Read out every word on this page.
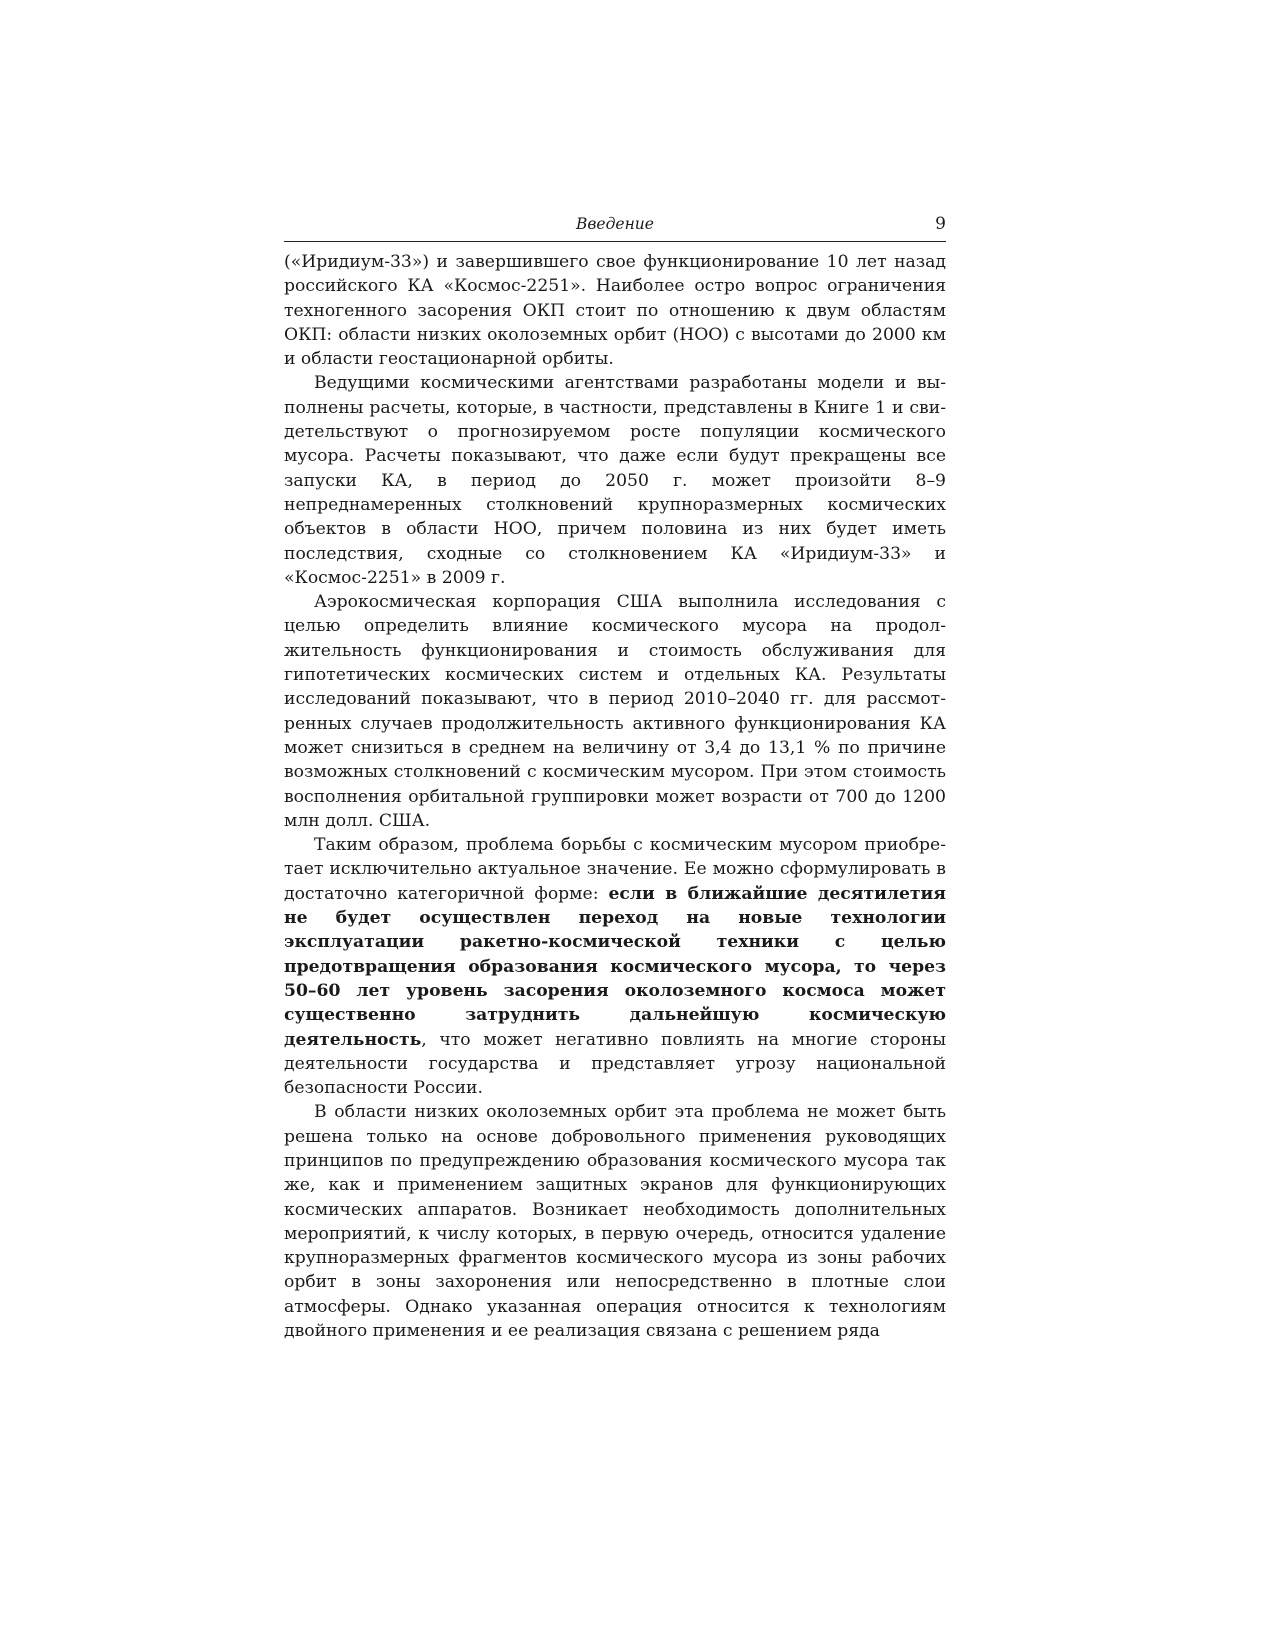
Введение	9

(«Иридиум-33») и завершившего свое функционирование 10 лет назад российского КА «Космос-2251». Наиболее остро вопрос ограничения техногенного засорения ОКП стоит по отношению к двум областям ОКП: области низких околоземных орбит (НОО) с высотами до 2000 км и области геостационарной орбиты.

Ведущими космическими агентствами разработаны модели и выполнены расчеты, которые, в частности, представлены в Книге 1 и свидетельствуют о прогнозируемом росте популяции космического мусора. Расчеты показывают, что даже если будут прекращены все запуски КА, в период до 2050 г. может произойти 8–9 непреднамеренных столкновений крупноразмерных космических объектов в области НОО, причем половина из них будет иметь последствия, сходные со столкновением КА «Иридиум-33» и «Космос-2251» в 2009 г.

Аэрокосмическая корпорация США выполнила исследования с целью определить влияние космического мусора на продолжительность функционирования и стоимость обслуживания для гипотетических космических систем и отдельных КА. Результаты исследований показывают, что в период 2010–2040 гг. для рассмотренных случаев продолжительность активного функционирования КА может снизиться в среднем на величину от 3,4 до 13,1 % по причине возможных столкновений с космическим мусором. При этом стоимость восполнения орбитальной группировки может возрасти от 700 до 1200 млн долл. США.

Таким образом, проблема борьбы с космическим мусором приобретает исключительно актуальное значение. Ее можно сформулировать в достаточно категоричной форме: если в ближайшие десятилетия не будет осуществлен переход на новые технологии эксплуатации ракетно-космической техники с целью предотвращения образования космического мусора, то через 50–60 лет уровень засорения околоземного космоса может существенно затруднить дальнейшую космическую деятельность, что может негативно повлиять на многие стороны деятельности государства и представляет угрозу национальной безопасности России.

В области низких околоземных орбит эта проблема не может быть решена только на основе добровольного применения руководящих принципов по предупреждению образования космического мусора так же, как и применением защитных экранов для функционирующих космических аппаратов. Возникает необходимость дополнительных мероприятий, к числу которых, в первую очередь, относится удаление крупноразмерных фрагментов космического мусора из зоны рабочих орбит в зоны захоронения или непосредственно в плотные слои атмосферы. Однако указанная операция относится к технологиям двойного применения и ее реализация связана с решением ряда
